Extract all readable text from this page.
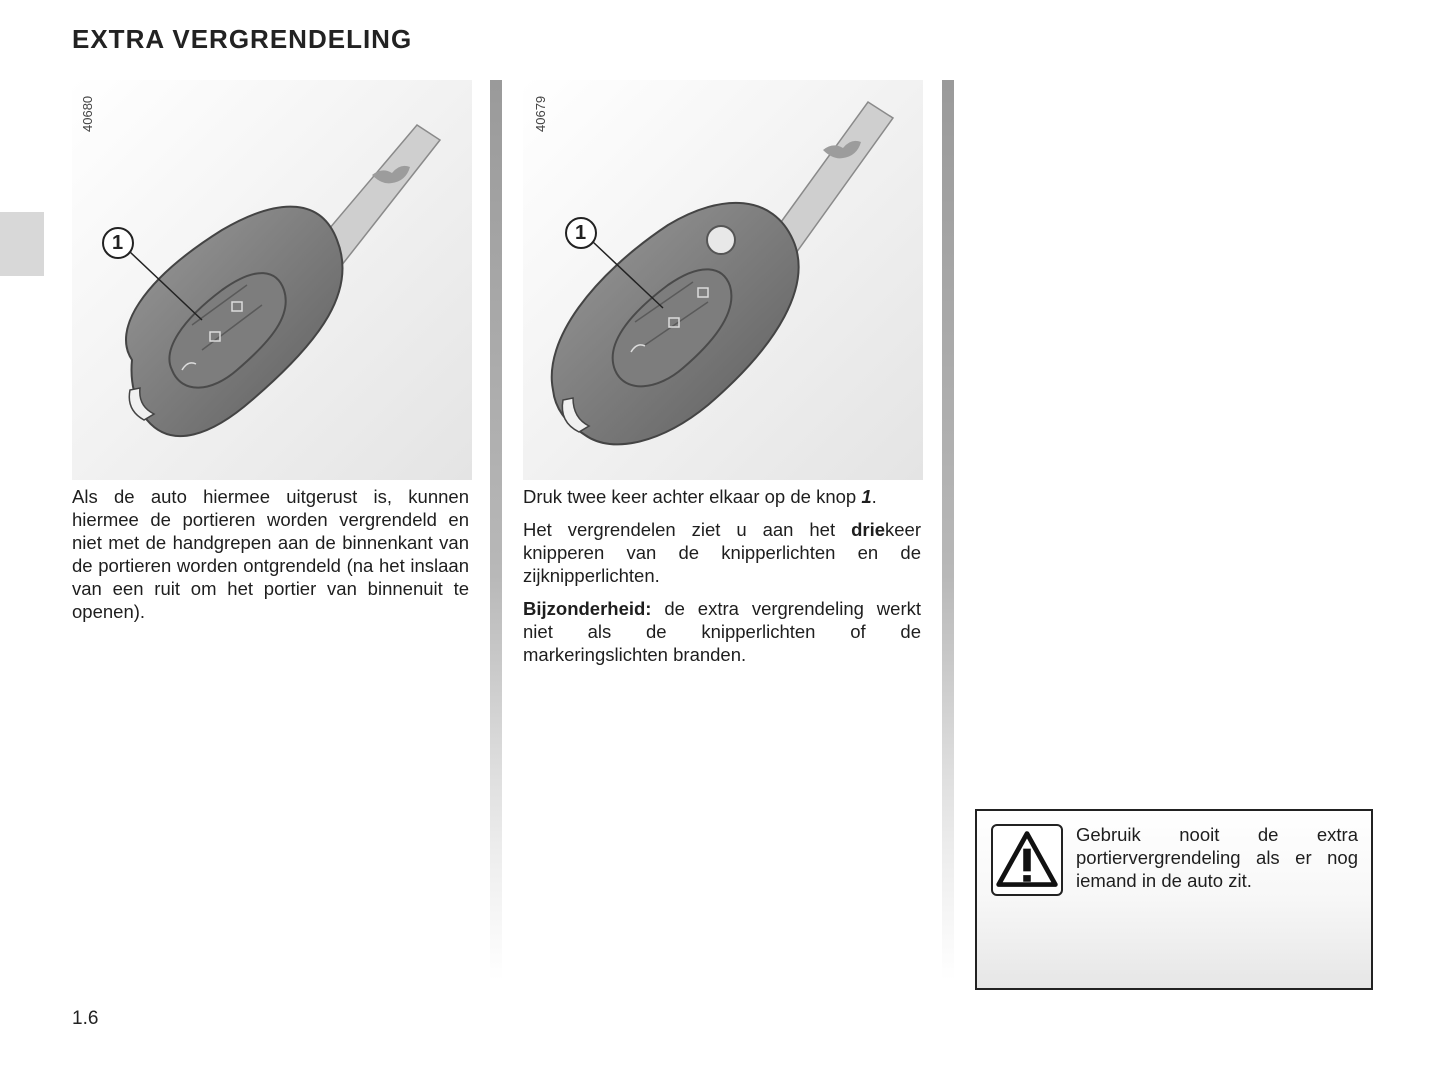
EXTRA VERGRENDELING
40680
1
40679
1

Als de auto hiermee uitgerust is, kunnen hiermee de portieren worden vergrendeld en niet met de handgrepen aan de binnenkant van de portieren worden ontgrendeld (na het inslaan van een ruit om het portier van binnenuit te openen).

Druk twee keer achter elkaar op de knop 1.

Het vergrendelen ziet u aan het driekeer knipperen van de knipperlichten en de zijknipperlichten.

Bijzonderheid: de extra vergrendeling werkt niet als de knipperlichten of de markeringslichten branden.

Gebruik nooit de extra portiervergrendeling als er nog iemand in de auto zit.
1.6
